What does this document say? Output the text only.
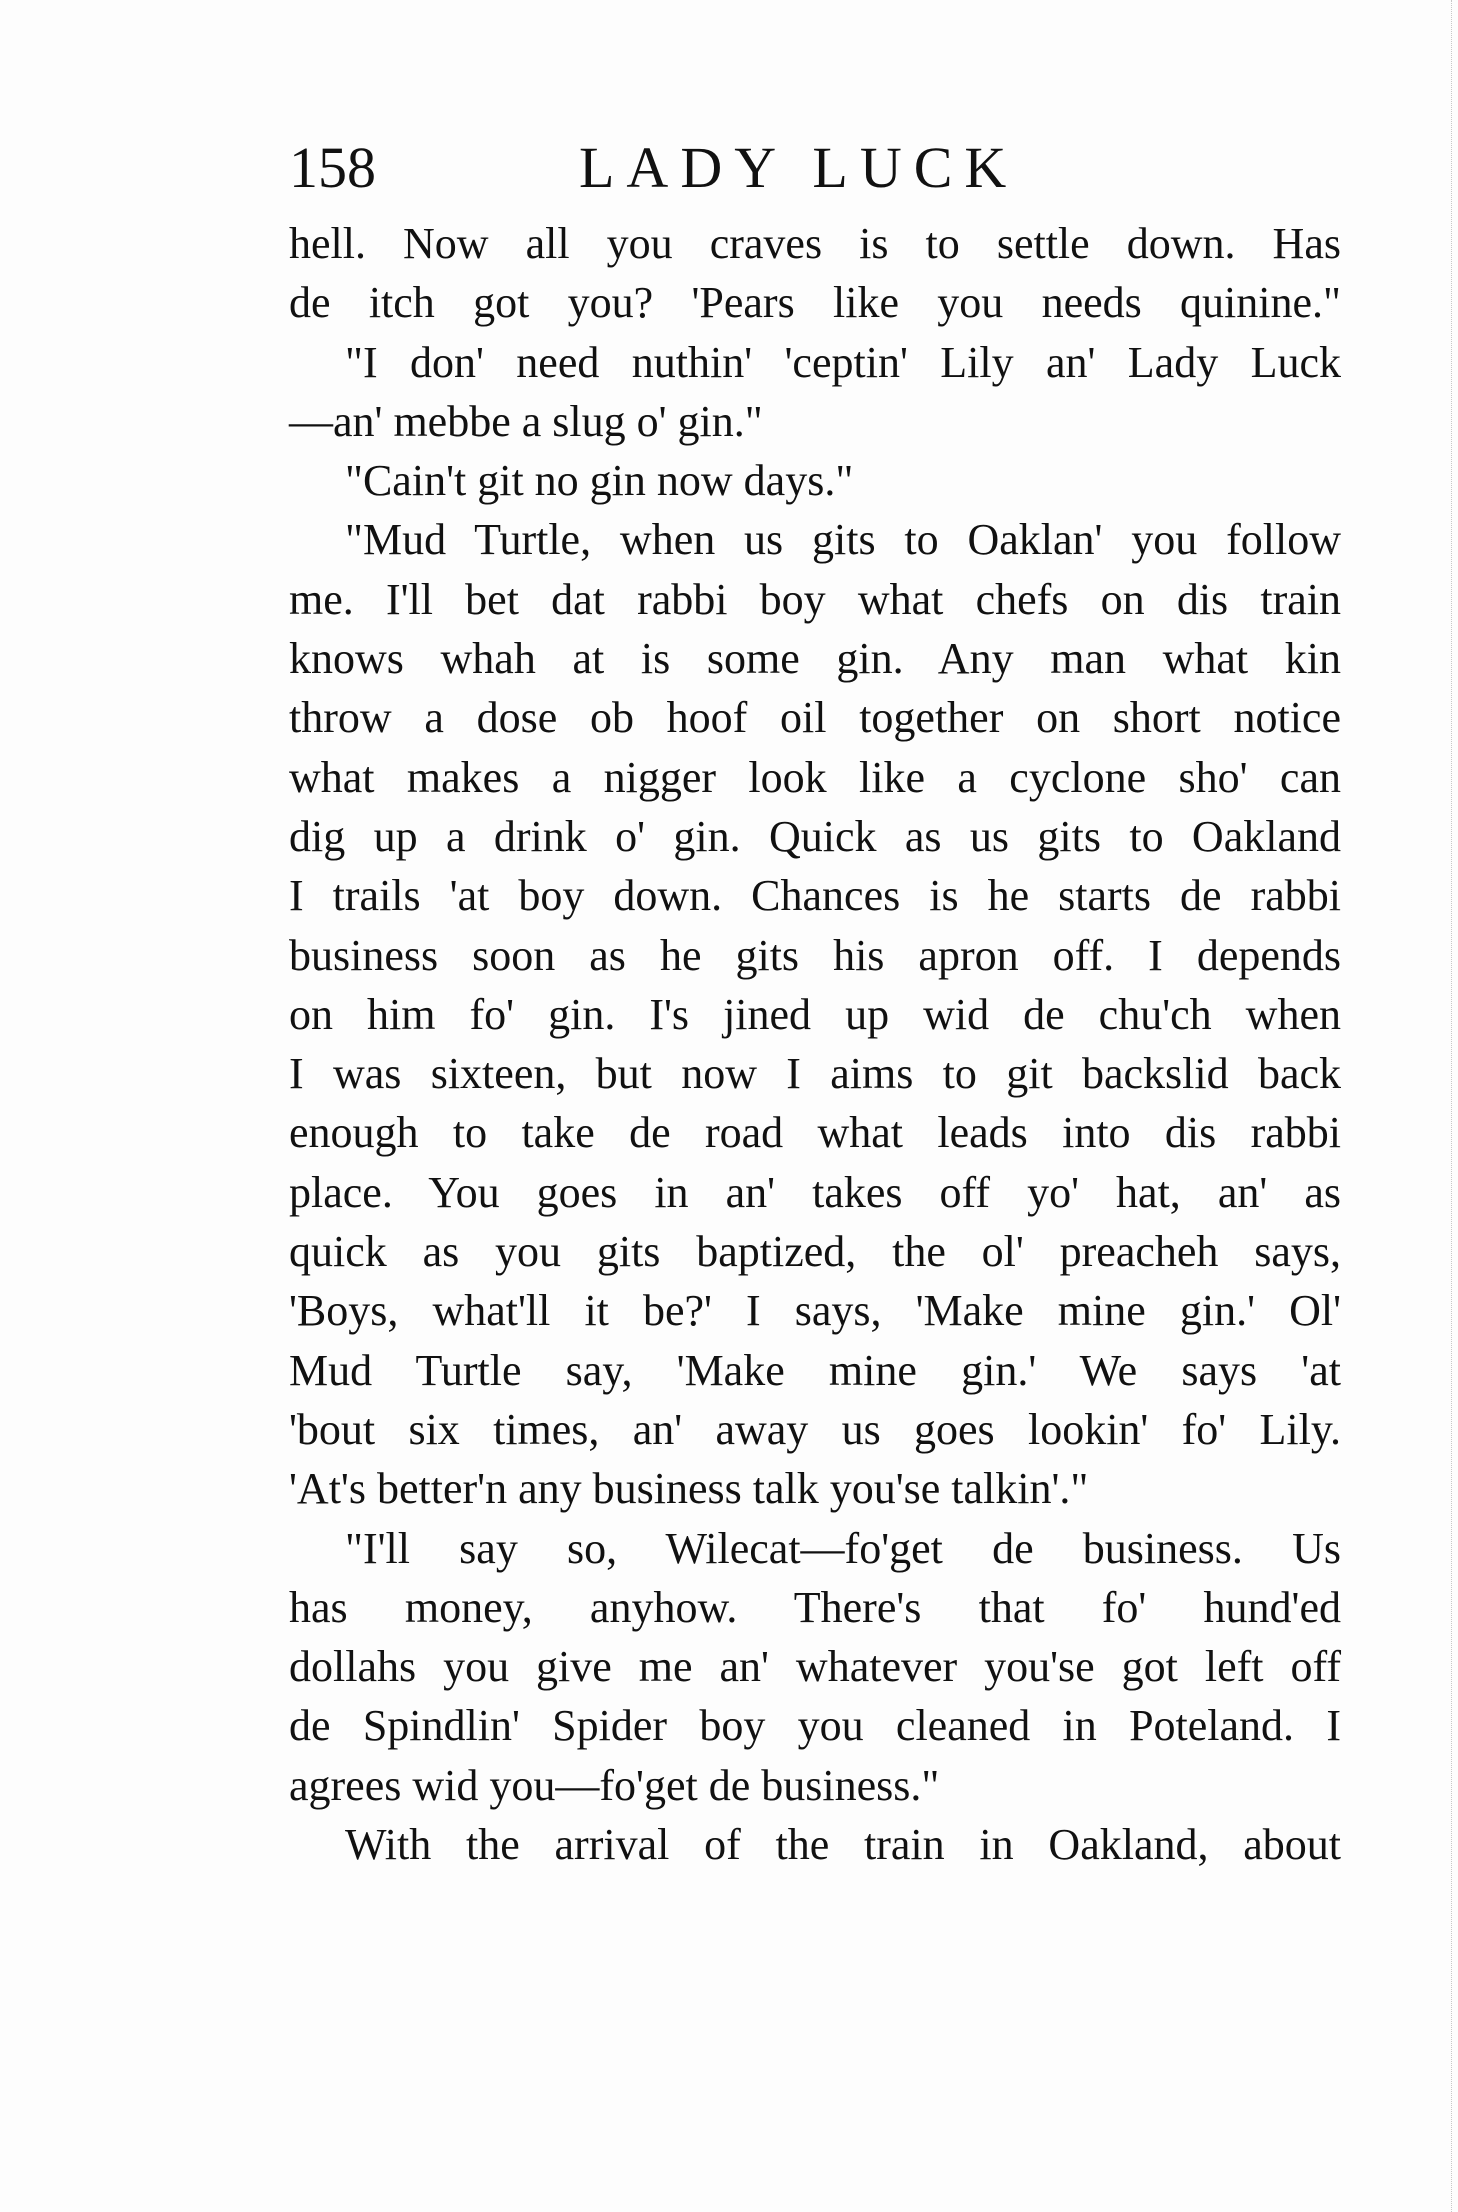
158	LADY LUCK
hell. Now all you craves is to settle down. Has
de itch got you? 'Pears like you needs quinine."
"I don' need nuthin' 'ceptin' Lily an' Lady Luck
—an' mebbe a slug o' gin."
"Cain't git no gin now days."
"Mud Turtle, when us gits to Oaklan' you follow
me. I'll bet dat rabbi boy what chefs on dis train
knows whah at is some gin. Any man what kin
throw a dose ob hoof oil together on short notice
what makes a nigger look like a cyclone sho' can
dig up a drink o' gin. Quick as us gits to Oakland
I trails 'at boy down. Chances is he starts de rabbi
business soon as he gits his apron off. I depends
on him fo' gin. I's jined up wid de chu'ch when
I was sixteen, but now I aims to git backslid back
enough to take de road what leads into dis rabbi
place. You goes in an' takes off yo' hat, an' as
quick as you gits baptized, the ol' preacheh says,
'Boys, what'll it be?' I says, 'Make mine gin.' Ol'
Mud Turtle say, 'Make mine gin.' We says 'at
'bout six times, an' away us goes lookin' fo' Lily.
'At's better'n any business talk you'se talkin'."
"I'll say so, Wilecat—fo'get de business. Us
has money, anyhow. There's that fo' hund'ed
dollahs you give me an' whatever you'se got left off
de Spindlin' Spider boy you cleaned in Poteland. I
agrees wid you—fo'get de business."
With the arrival of the train in Oakland, about
